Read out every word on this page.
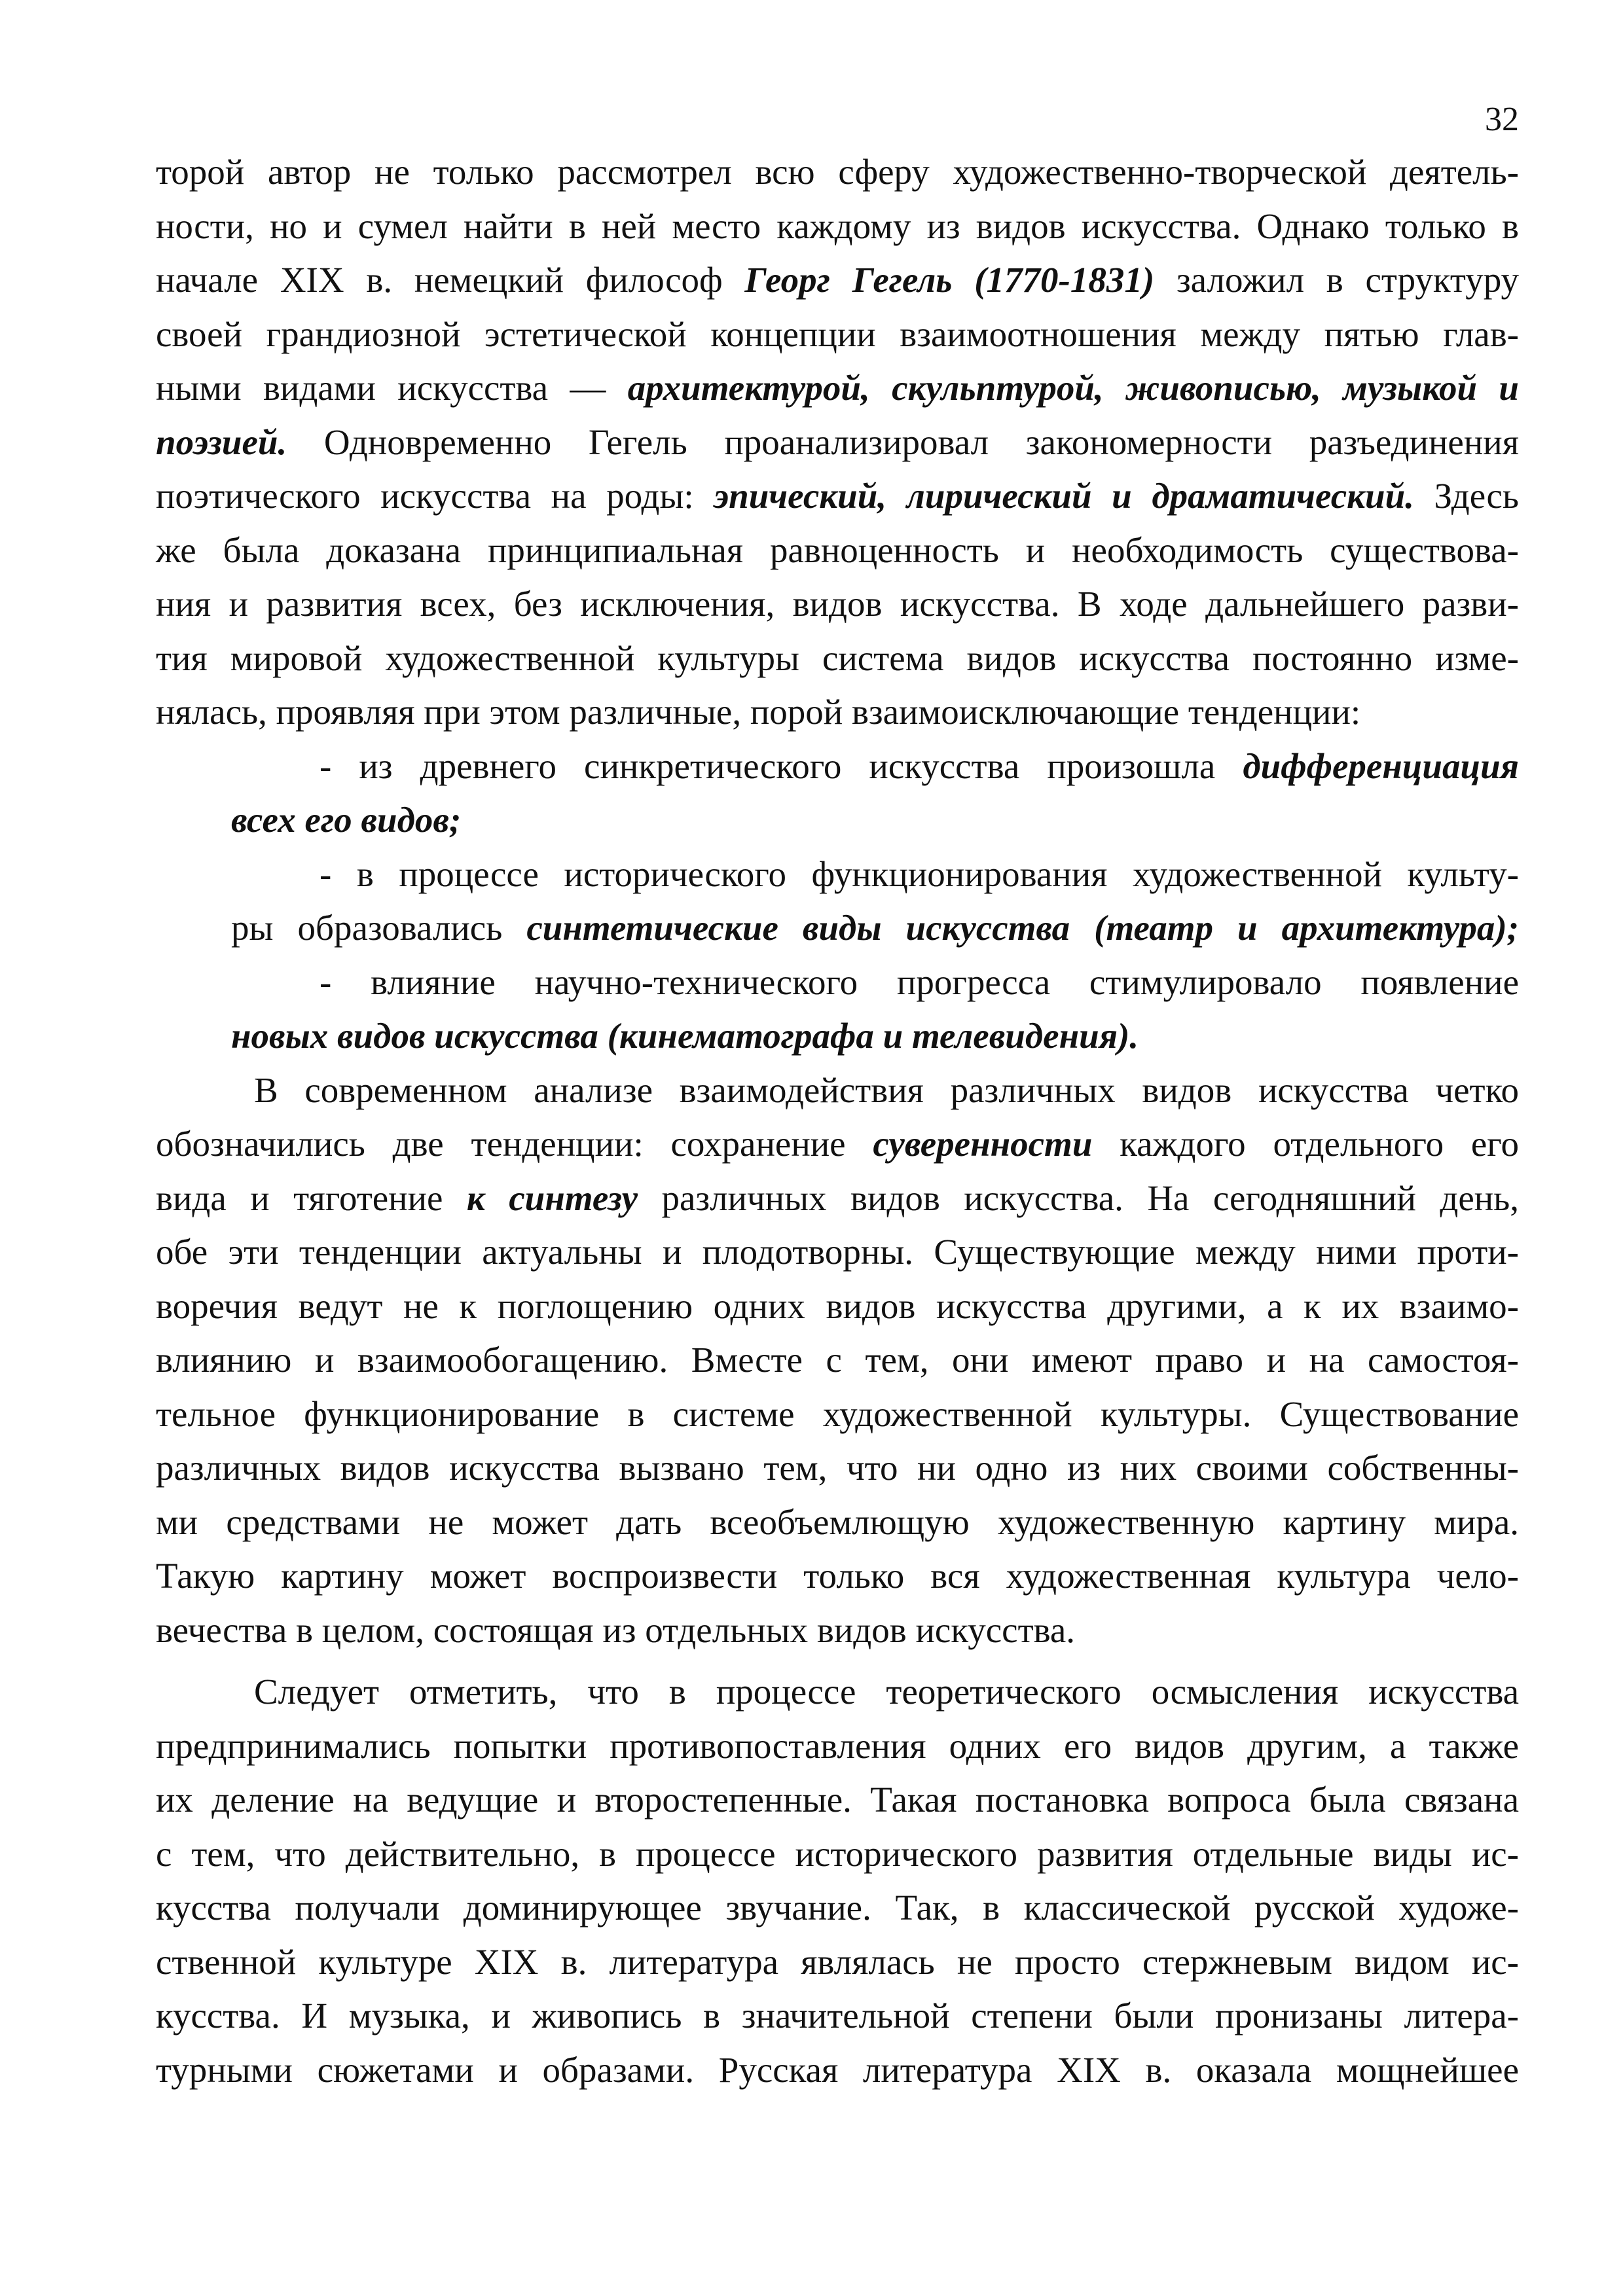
32
торой автор не только рассмотрел всю сферу художественно-творческой деятель-
ности, но и сумел найти в ней место каждому из видов искусства. Однако только в
начале XIX в. немецкий философ Георг Гегель (1770-1831) заложил в структуру
своей грандиозной эстетической концепции взаимоотношения между пятью глав-
ными видами искусства — архитектурой, скульптурой, живописью, музыкой и
поэзией. Одновременно Гегель проанализировал закономерности разъединения
поэтического искусства на роды: эпический, лирический и драматический. Здесь
же была доказана принципиальная равноценность и необходимость существова-
ния и развития всех, без исключения, видов искусства. В ходе дальнейшего разви-
тия мировой художественной культуры система видов искусства постоянно изме-
нялась, проявляя при этом различные, порой взаимоисключающие тенденции:
- из древнего синкретического искусства произошла дифференциация
всех его видов;
- в процессе исторического функционирования художественной культу-
ры образовались синтетические виды искусства (театр и архитектура);
- влияние научно-технического прогресса стимулировало появление
новых видов искусства (кинематографа и телевидения).
В современном анализе взаимодействия различных видов искусства четко
обозначились две тенденции: сохранение суверенности каждого отдельного его
вида и тяготение к синтезу различных видов искусства. На сегодняшний день,
обе эти тенденции актуальны и плодотворны. Существующие между ними проти-
воречия ведут не к поглощению одних видов искусства другими, а к их взаимо-
влиянию и взаимообогащению. Вместе с тем, они имеют право и на самостоя-
тельное функционирование в системе художественной культуры. Существование
различных видов искусства вызвано тем, что ни одно из них своими собственны-
ми средствами не может дать всеобъемлющую художественную картину мира.
Такую картину может воспроизвести только вся художественная культура чело-
вечества в целом, состоящая из отдельных видов искусства.
Следует отметить, что в процессе теоретического осмысления искусства
предпринимались попытки противопоставления одних его видов другим, а также
их деление на ведущие и второстепенные. Такая постановка вопроса была связана
с тем, что действительно, в процессе исторического развития отдельные виды ис-
кусства получали доминирующее звучание. Так, в классической русской художе-
ственной культуре XIX в. литература являлась не просто стержневым видом ис-
кусства. И музыка, и живопись в значительной степени были пронизаны литера-
турными сюжетами и образами. Русская литература XIX в. оказала мощнейшее
